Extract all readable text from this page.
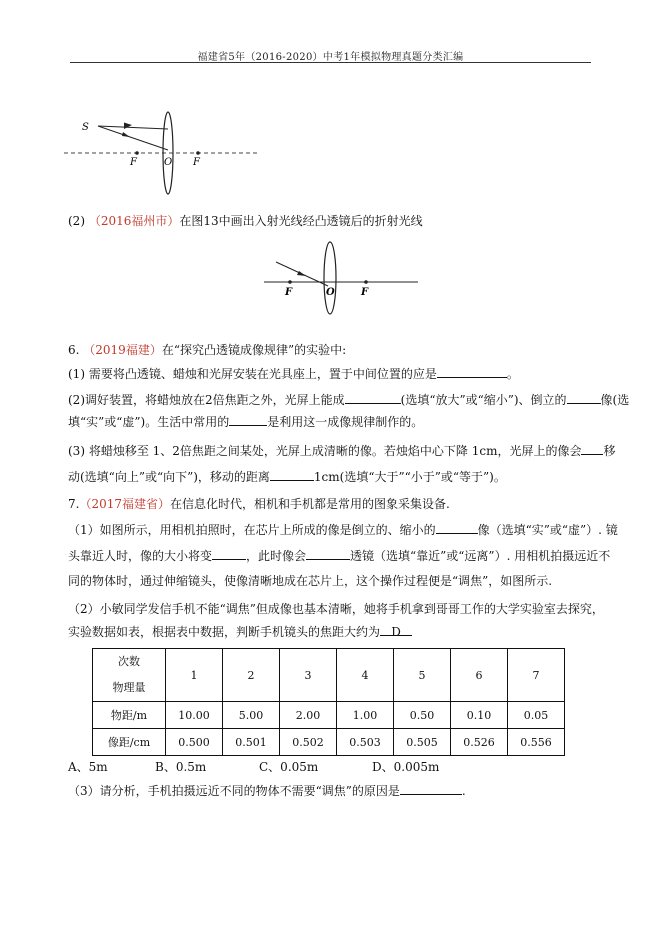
福建省5年（2016-2020）中考1年模拟物理真题分类汇编
S
F	O F
(2) （2016福州市）在图13中画出入射光线经凸透镜后的折射光线
F	O	F
6. （2019福建）在“探究凸透镜成像规律”的实验中:
(1) 需要将凸透镜、蜡烛和光屏安装在光具座上，置于中间位置的应是	。
(2)调好装置，将蜡烛放在2倍焦距之外，光屏上能成	(选填“放大”或“缩小”)、倒立的	像(选
填“实”或“虚”)。生活中常用的	是利用这一成像规律制作的。
(3) 将蜡烛移至 1、2倍焦距之间某处，光屏上成清晰的像。若烛焰中心下降 1cm，光屏上的像会 移
动(选填“向上”或“向下”)，移动的距离	1cm(选填“大于”“小于”或“等于”)。
7.（2017福建省）在信息化时代，相机和手机都是常用的图象采集设备.
（1）如图所示，用相机拍照时，在芯片上所成的像是倒立的、缩小的	像（选填“实”或“虚”）. 镜
头靠近人时，像的大小将变	，此时像会	透镜（选填“靠近”或“远离”）. 用相机拍摄远近不
同的物体时，通过伸缩镜头，使像清晰地成在芯片上，这个操作过程便是“调焦”，如图所示.
（2）小敏同学发信手机不能“调焦”但成像也基本清晰，她将手机拿到哥哥工作的大学实验室去探究，
实验数据如表，根据表中数据，判断手机镜头的焦距大约为 D
次数
物理量	1	2	3	4	5	6	7
物距/m	10.00	5.00	2.00	1.00	0.50	0.10	0.05
像距/cm	0.500	0.501	0.502	0.503	0.505	0.526	0.556
A、5m	B、0.5m	C、0.05m	D、0.005m
（3）请分析，手机拍摄远近不同的物体不需要“调焦”的原因是	.
